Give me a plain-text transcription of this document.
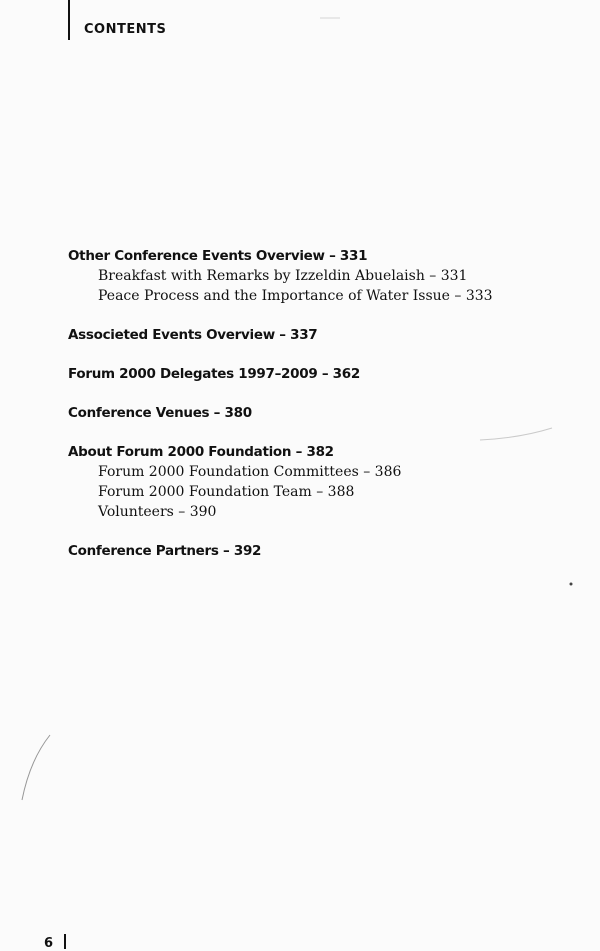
CONTENTS
Other Conference Events Overview – 331
Breakfast with Remarks by Izzeldin Abuelaish – 331
Peace Process and the Importance of Water Issue – 333
Associeted Events Overview – 337
Forum 2000 Delegates 1997–2009 – 362
Conference Venues – 380
About Forum 2000 Foundation – 382
Forum 2000 Foundation Committees – 386
Forum 2000 Foundation Team – 388
Volunteers – 390
Conference Partners – 392
6
